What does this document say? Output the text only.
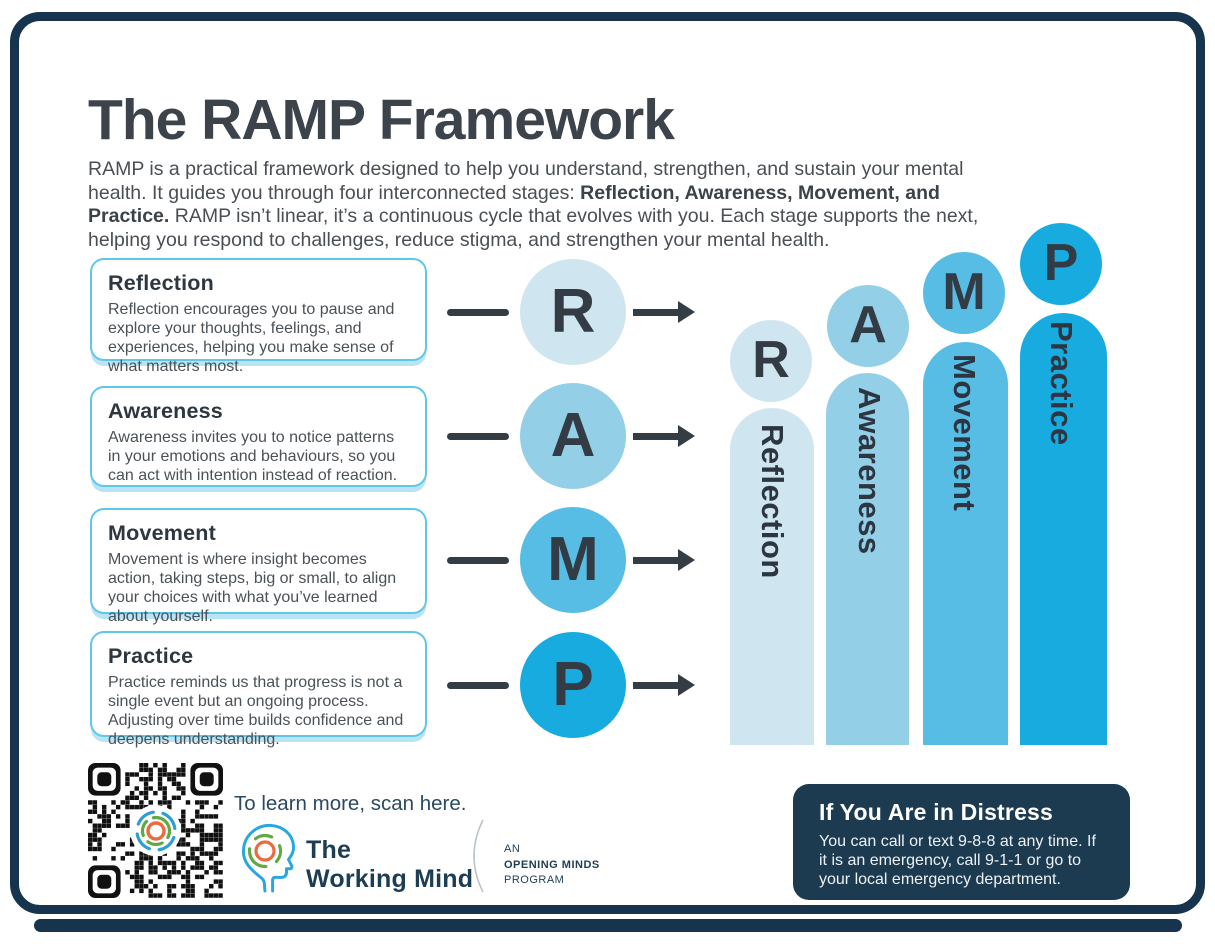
The RAMP Framework

RAMP is a practical framework designed to help you understand, strengthen, and sustain your mental health. It guides you through four interconnected stages: Reflection, Awareness, Movement, and Practice. RAMP isn’t linear, it’s a continuous cycle that evolves with you. Each stage supports the next, helping you respond to challenges, reduce stigma, and strengthen your mental health.

Reflection

Reflection encourages you to pause and explore your thoughts, feelings, and experiences, helping you make sense of what matters most.

Awareness

Awareness invites you to notice patterns in your emotions and behaviours, so you can act with intention instead of reaction.

Movement

Movement is where insight becomes action, taking steps, big or small, to align your choices with what you’ve learned about yourself.

Practice

Practice reminds us that progress is not a single event but an ongoing process. Adjusting over time builds confidence and deepens understanding.

R
A
M
P
R
A
M P
Reflection Awareness Movement Practice

To learn more, scan here.

The
Working Mind

AN
OPENING MINDS
PROGRAM
If You Are in Distress

You can call or text 9-8-8 at any time. If it is an emergency, call 9-1-1 or go to your local emergency department.
